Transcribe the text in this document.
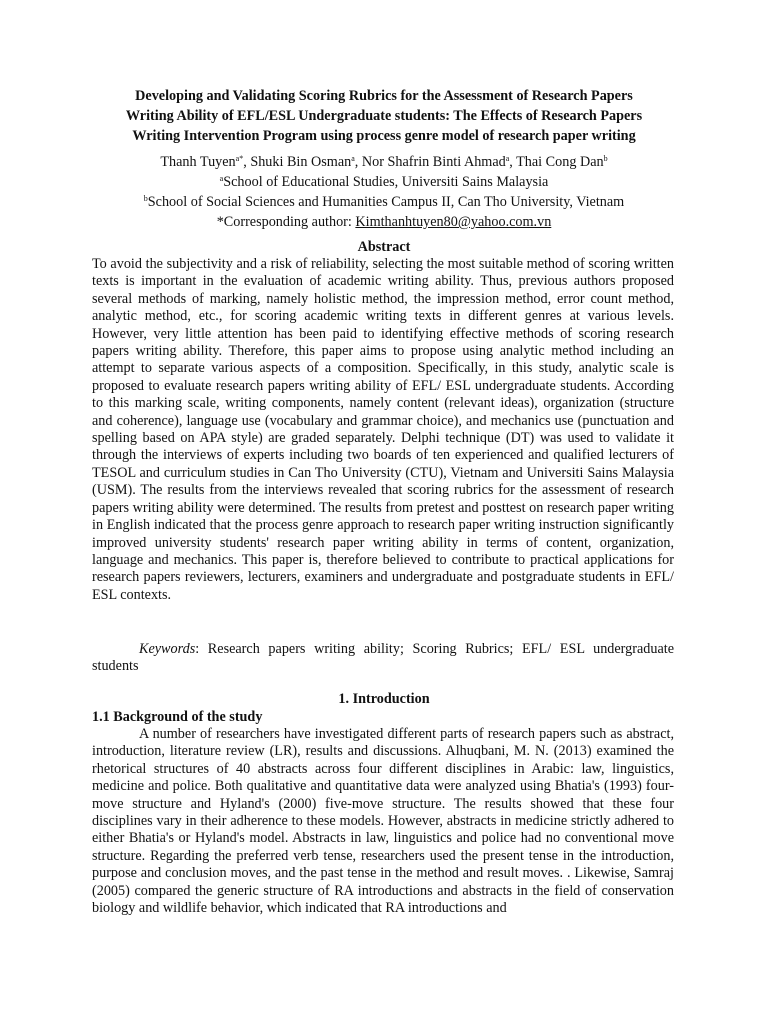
Developing and Validating Scoring Rubrics for the Assessment of Research Papers
Writing Ability of EFL/ESL Undergraduate students: The Effects of Research Papers
Writing Intervention Program using process genre model of research paper writing
Thanh Tuyen$^{a*}$, Shuki Bin Osman$^a$, Nor Shafrin Binti Ahmad$^a$, Thai Cong Dan$^b$
$^a$School of Educational Studies, Universiti Sains Malaysia
$^b$School of Social Sciences and Humanities Campus II, Can Tho University, Vietnam
*Corresponding author: Kimthanhtuyen80@yahoo.com.vn
Abstract

To avoid the subjectivity and a risk of reliability, selecting the most suitable method of scoring written texts is important in the evaluation of academic writing ability. Thus, previous authors proposed several methods of marking, namely holistic method, the impression method, error count method, analytic method, etc., for scoring academic writing texts in different genres at various levels. However, very little attention has been paid to identifying effective methods of scoring research papers writing ability. Therefore, this paper aims to propose using analytic method including an attempt to separate various aspects of a composition. Specifically, in this study, analytic scale is proposed to evaluate research papers writing ability of EFL/ ESL undergraduate students. According to this marking scale, writing components, namely content (relevant ideas), organization (structure and coherence), language use (vocabulary and grammar choice), and mechanics use (punctuation and spelling based on APA style) are graded separately. Delphi technique (DT) was used to validate it through the interviews of experts including two boards of ten experienced and qualified lecturers of TESOL and curriculum studies in Can Tho University (CTU), Vietnam and Universiti Sains Malaysia (USM). The results from the interviews revealed that scoring rubrics for the assessment of research papers writing ability were determined. The results from pretest and posttest on research paper writing in English indicated that the process genre approach to research paper writing instruction significantly improved university students' research paper writing ability in terms of content, organization, language and mechanics. This paper is, therefore believed to contribute to practical applications for research papers reviewers, lecturers, examiners and undergraduate and postgraduate students in EFL/ ESL contexts.

Keywords: Research papers writing ability; Scoring Rubrics; EFL/ ESL undergraduate students

1. Introduction
1.1 Background of the study

A number of researchers have investigated different parts of research papers such as abstract, introduction, literature review (LR), results and discussions. Alhuqbani, M. N. (2013) examined the rhetorical structures of 40 abstracts across four different disciplines in Arabic: law, linguistics, medicine and police. Both qualitative and quantitative data were analyzed using Bhatia's (1993) four-move structure and Hyland's (2000) five-move structure. The results showed that these four disciplines vary in their adherence to these models. However, abstracts in medicine strictly adhered to either Bhatia's or Hyland's model. Abstracts in law, linguistics and police had no conventional move structure. Regarding the preferred verb tense, researchers used the present tense in the introduction, purpose and conclusion moves, and the past tense in the method and result moves. . Likewise, Samraj (2005) compared the generic structure of RA introductions and abstracts in the field of conservation biology and wildlife behavior, which indicated that RA introductions and
